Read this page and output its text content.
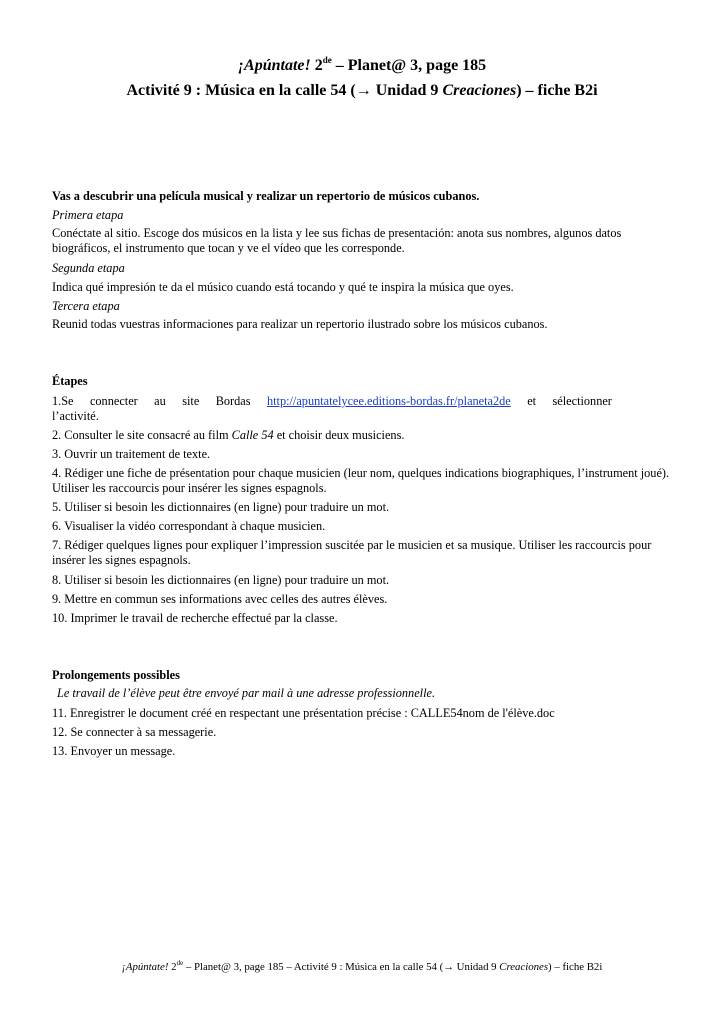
¡Apúntate! 2de – Planet@ 3, page 185
Activité 9 : Música en la calle 54 (→ Unidad 9 Creaciones) – fiche B2i
Vas a descubrir una película musical y realizar un repertorio de músicos cubanos.
Primera etapa
Conéctate al sitio. Escoge dos músicos en la lista y lee sus fichas de presentación: anota sus nombres, algunos datos biográficos, el instrumento que tocan y ve el vídeo que les corresponde.
Segunda etapa
Indica qué impresión te da el músico cuando está tocando y qué te inspira la música que oyes.
Tercera etapa
Reunid todas vuestras informaciones para realizar un repertorio ilustrado sobre los músicos cubanos.
Étapes
1.Se connecter au site Bordas http://apuntatelycee.editions-bordas.fr/planeta2de et sélectionner
l’activité.
2. Consulter le site consacré au film Calle 54 et choisir deux musiciens.
3. Ouvrir un traitement de texte.
4. Rédiger une fiche de présentation pour chaque musicien (leur nom, quelques indications biographiques, l’instrument joué). Utiliser les raccourcis pour insérer les signes espagnols.
5. Utiliser si besoin les dictionnaires (en ligne) pour traduire un mot.
6. Visualiser la vidéo correspondant à chaque musicien.
7. Rédiger quelques lignes pour expliquer l’impression suscitée par le musicien et sa musique. Utiliser les raccourcis pour insérer les signes espagnols.
8. Utiliser si besoin les dictionnaires (en ligne) pour traduire un mot.
9. Mettre en commun ses informations avec celles des autres élèves.
10. Imprimer le travail de recherche effectué par la classe.
Prolongements possibles
Le travail de l’élève peut être envoyé par mail à une adresse professionnelle.
11. Enregistrer le document créé en respectant une présentation précise : CALLE54nom de l'élève.doc
12. Se connecter à sa messagerie.
13. Envoyer un message.
¡Apúntate! 2de – Planet@ 3, page 185 – Activité 9 : Música en la calle 54 (→ Unidad 9 Creaciones) – fiche B2i
